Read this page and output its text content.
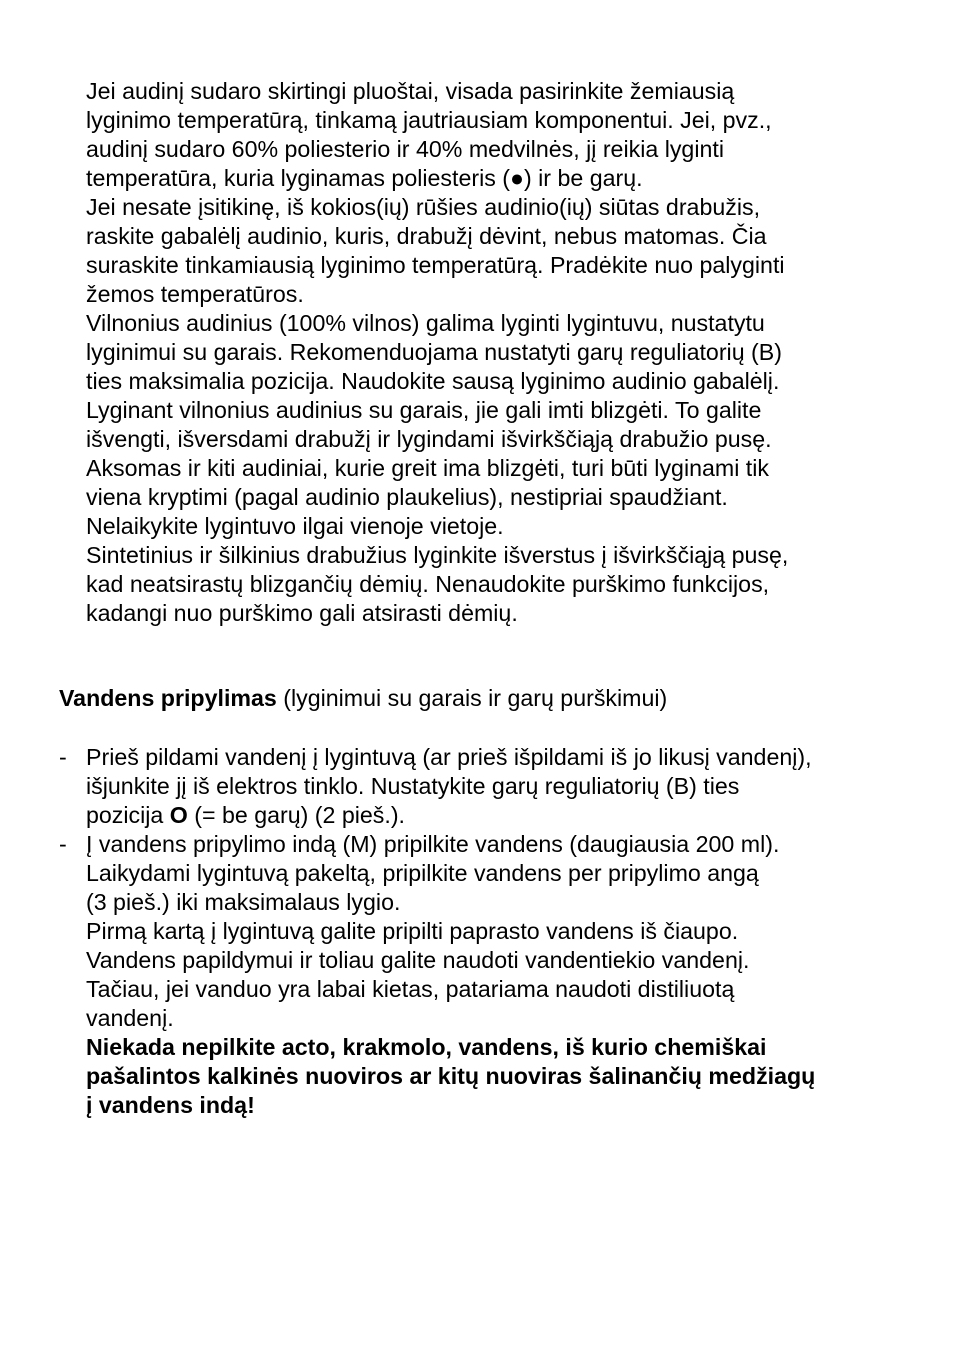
Jei audinį sudaro skirtingi pluoštai, visada pasirinkite žemiausią
lyginimo temperatūrą, tinkamą jautriausiam komponentui. Jei, pvz.,
audinį sudaro 60% poliesterio ir 40% medvilnės, jį reikia lyginti
temperatūra, kuria lyginamas poliesteris (●) ir be garų.
Jei nesate įsitikinę, iš kokios(ių) rūšies audinio(ių) siūtas drabužis,
raskite gabalėlį audinio, kuris, drabužį dėvint, nebus matomas. Čia
suraskite tinkamiausią lyginimo temperatūrą. Pradėkite nuo palyginti
žemos temperatūros.
Vilnonius audinius (100% vilnos) galima lyginti lygintuvu, nustatytu
lyginimui su garais. Rekomenduojama nustatyti garų reguliatorių (B)
ties maksimalia pozicija. Naudokite sausą lyginimo audinio gabalėlį.
Lyginant vilnonius audinius su garais, jie gali imti blizgėti. To galite
išvengti, išversdami drabužį ir lygindami išvirkščiąją drabužio pusę.
Aksomas ir kiti audiniai, kurie greit ima blizgėti, turi būti lyginami tik
viena kryptimi (pagal audinio plaukelius), nestipriai spaudžiant.
Nelaikykite lygintuvo ilgai vienoje vietoje.
Sintetinius ir šilkinius drabužius lyginkite išverstus į išvirkščiąją pusę,
kad neatsirastų blizgančių dėmių. Nenaudokite purškimo funkcijos,
kadangi nuo purškimo gali atsirasti dėmių.
Vandens pripylimas (lyginimui su garais ir garų purškimui)
- Prieš pildami vandenį į lygintuvą (ar prieš išpildami iš jo likusį vandenį),
išjunkite jį iš elektros tinklo. Nustatykite garų reguliatorių (B) ties
pozicija O (= be garų) (2 pieš.).
- Į vandens pripylimo indą (M) pripilkite vandens (daugiausia 200 ml).
Laikydami lygintuvą pakeltą, pripilkite vandens per pripylimo angą
(3 pieš.) iki maksimalaus lygio.
Pirmą kartą į lygintuvą galite pripilti paprasto vandens iš čiaupo.
Vandens papildymui ir toliau galite naudoti vandentiekio vandenį.
Tačiau, jei vanduo yra labai kietas, patariama naudoti distiliuotą
vandenį.
Niekada nepilkite acto, krakmolo, vandens, iš kurio chemiškai
pašalintos kalkinės nuoviros ar kitų nuoviras šalinančių medžiagų
į vandens indą!
